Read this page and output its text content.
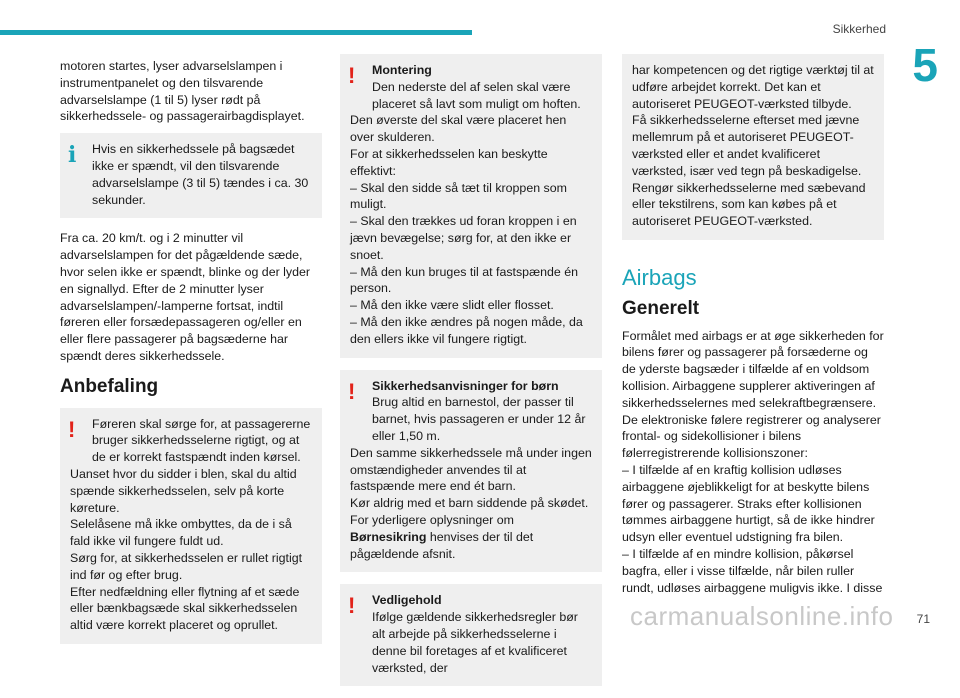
Sikkerhed
5

motoren startes, lyser advarselslampen i instrumentpanelet og den tilsvarende advarselslampe (1 til 5) lyser rødt på sikkerhedssele- og passagerairbagdisplayet.

i	Hvis en sikkerhedssele på bagsædet ikke er spændt, vil den tilsvarende advarselslampe (3 til 5) tændes i ca. 30 sekunder.

Fra ca. 20 km/t. og i 2 minutter vil advarselslampen for det pågældende sæde, hvor selen ikke er spændt, blinke og der lyder en signallyd. Efter de 2 minutter lyser advarselslampen/-lamperne fortsat, indtil føreren eller forsædepassageren og/eller en eller flere passagerer på bagsæderne har spændt deres sikkerhedssele.

Anbefaling
!	Føreren skal sørge for, at passagererne bruger sikkerhedsselerne rigtigt, og at de er korrekt fastspændt inden kørsel.
Uanset hvor du sidder i blen, skal du altid spænde sikkerhedsselen, selv på korte køreture.
Selelåsene må ikke ombyttes, da de i så fald ikke vil fungere fuldt ud.
Sørg for, at sikkerhedsselen er rullet rigtigt ind før og efter brug.
Efter nedfældning eller flytning af et sæde eller bænkbagsæde skal sikkerhedsselen altid være korrekt placeret og oprullet.
!	Montering
Den nederste del af selen skal være placeret så lavt som muligt om hoften.
Den øverste del skal være placeret hen over skulderen.
For at sikkerhedsselen kan beskytte effektivt:
– Skal den sidde så tæt til kroppen som muligt.
– Skal den trækkes ud foran kroppen i en jævn bevægelse; sørg for, at den ikke er snoet.
– Må den kun bruges til at fastspænde én person.
– Må den ikke være slidt eller flosset.
– Må den ikke ændres på nogen måde, da den ellers ikke vil fungere rigtigt.
!	Sikkerhedsanvisninger for børn
Brug altid en barnestol, der passer til barnet, hvis passageren er under 12 år eller 1,50 m.
Den samme sikkerhedssele må under ingen omstændigheder anvendes til at fastspænde mere end ét barn.
Kør aldrig med et barn siddende på skødet.
For yderligere oplysninger om Børnesikring henvises der til det pågældende afsnit.
!	Vedligehold
Ifølge gældende sikkerhedsregler bør alt arbejde på sikkerhedsselerne i denne bil foretages af et kvalificeret værksted, der
har kompetencen og det rigtige værktøj til at udføre arbejdet korrekt. Det kan et autoriseret PEUGEOT-værksted tilbyde.
Få sikkerhedsselerne efterset med jævne mellemrum på et autoriseret PEUGEOT-værksted eller et andet kvalificeret værksted, især ved tegn på beskadigelse.
Rengør sikkerhedsselerne med sæbevand eller tekstilrens, som kan købes på et autoriseret PEUGEOT-værksted.
Airbags
Generelt
Formålet med airbags er at øge sikkerheden for bilens fører og passagerer på forsæderne og de yderste bagsæder i tilfælde af en voldsom kollision. Airbaggene supplerer aktiveringen af sikkerhedsselernes med selekraftbegrænsere.
De elektroniske følere registrerer og analyserer frontal- og sidekollisioner i bilens følerregistrerende kollisionszoner:
– I tilfælde af en kraftig kollision udløses airbaggene øjeblikkeligt for at beskytte bilens fører og passagerer. Straks efter kollisionen tømmes airbaggene hurtigt, så de ikke hindrer udsyn eller eventuel udstigning fra bilen.
– I tilfælde af en mindre kollision, påkørsel bagfra, eller i visse tilfælde, når bilen ruller rundt, udløses airbaggene muligvis ikke. I disse
71
carmanualsonline.info
